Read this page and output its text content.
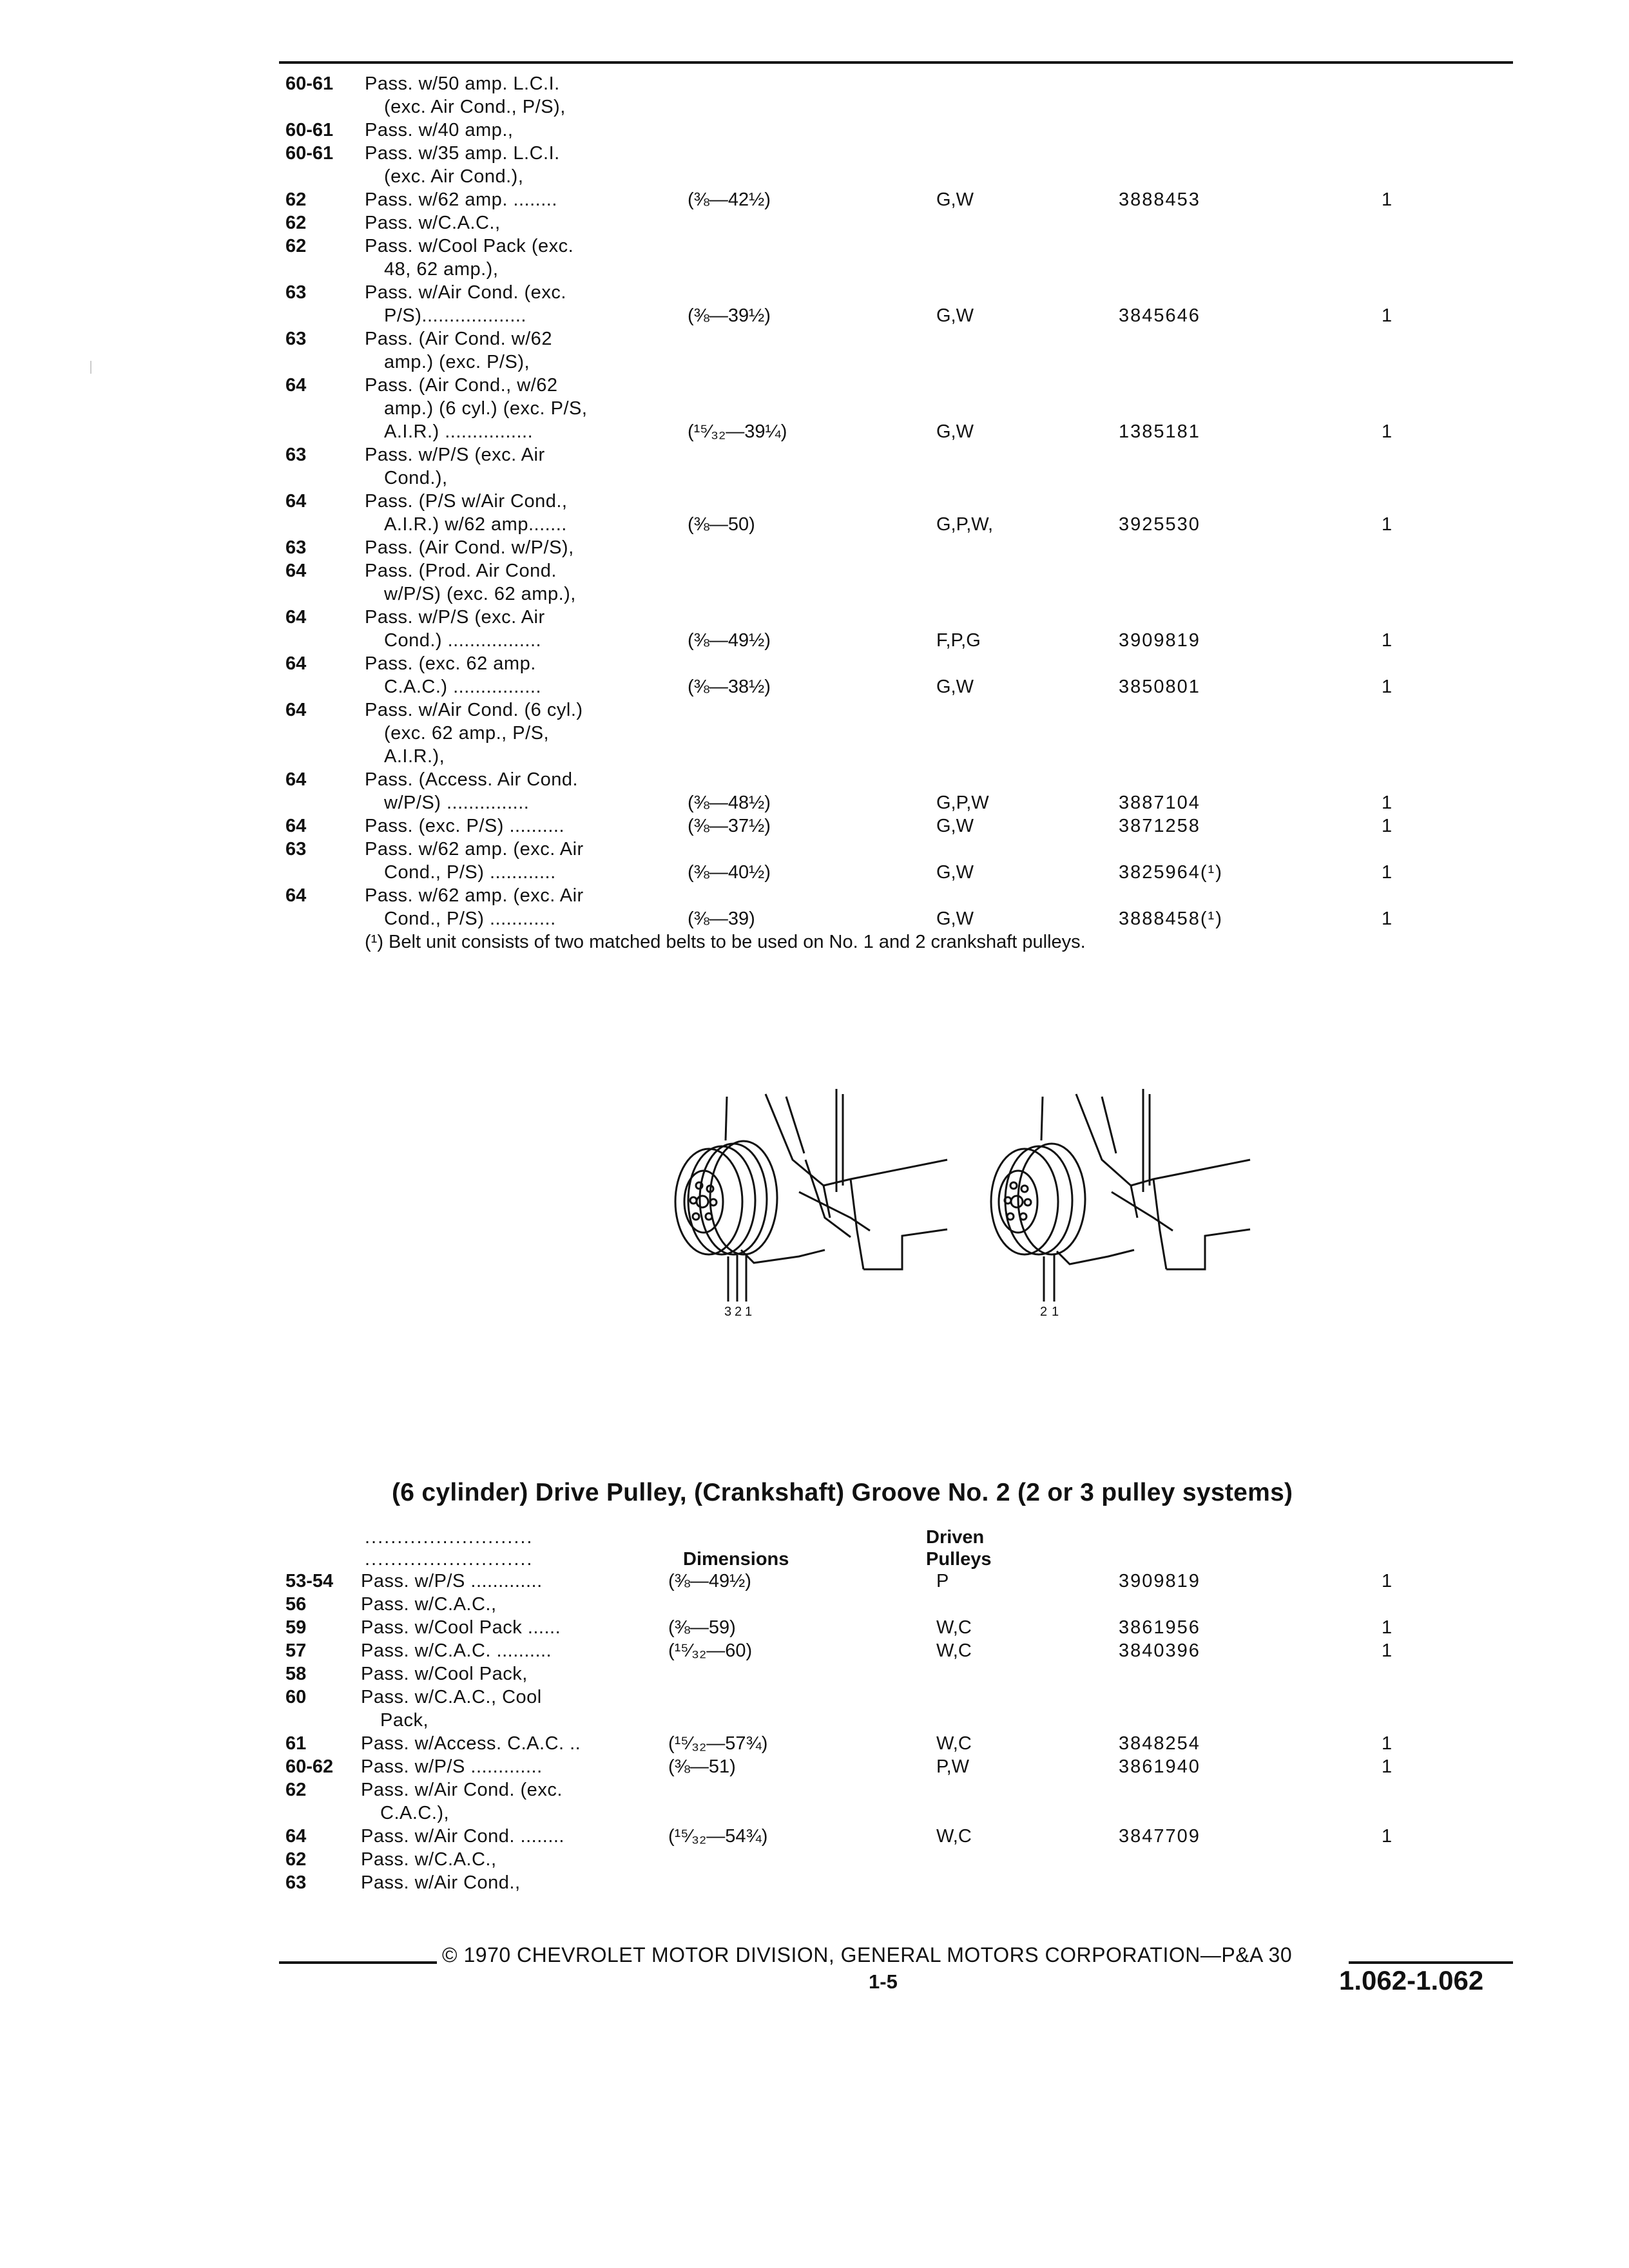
60-61 Pass. w/50 amp. L.C.I.
(exc. Air Cond., P/S),
60-61 Pass. w/40 amp.,
60-61 Pass. w/35 amp. L.C.I.
(exc. Air Cond.),
62	Pass. w/62 amp. ........	(⅜—42½)	G,W	3888453	1
62	Pass. w/C.A.C.,
62	Pass. w/Cool Pack (exc.
48, 62 amp.),
63	Pass. w/Air Cond. (exc.
P/S)...................	(⅜—39½)	G,W	3845646	1
63	Pass. (Air Cond. w/62
amp.) (exc. P/S),
64	Pass. (Air Cond., w/62
amp.) (6 cyl.) (exc. P/S,
A.I.R.) ................	(¹⁵⁄₃₂—39¼)	G,W	1385181	1
63	Pass. w/P/S (exc. Air
Cond.),
64	Pass. (P/S w/Air Cond.,
A.I.R.) w/62 amp.......	(⅜—50)	G,P,W,	3925530	1
63	Pass. (Air Cond. w/P/S),
64	Pass. (Prod. Air Cond.
w/P/S) (exc. 62 amp.),
64	Pass. w/P/S (exc. Air
Cond.) .................	(⅜—49½)	F,P,G	3909819	1
64	Pass. (exc. 62 amp.
C.A.C.) ................	(⅜—38½)	G,W	3850801	1
64	Pass. w/Air Cond. (6 cyl.)
(exc. 62 amp., P/S,
A.I.R.),
64	Pass. (Access. Air Cond.
w/P/S) ...............	(⅜—48½)	G,P,W	3887104	1
64	Pass. (exc. P/S) ..........	(⅜—37½)	G,W	3871258	1
63	Pass. w/62 amp. (exc. Air
Cond., P/S) ............	(⅜—40½)	G,W	3825964(¹)	1
64	Pass. w/62 amp. (exc. Air
Cond., P/S) ............	(⅜—39)	G,W	3888458(¹)	1
(¹) Belt unit consists of two matched belts to be used on No. 1 and 2 crankshaft pulleys.
3 2 1	2 1
(6 cylinder) Drive Pulley, (Crankshaft) Groove No. 2 (2 or 3 pulley systems)
..........................	Driven
..........................	Dimensions	Pulleys
53-54 Pass. w/P/S .............	(⅜—49½)	P	3909819	1
56	Pass. w/C.A.C.,
59	Pass. w/Cool Pack ......	(⅜—59)	W,C	3861956	1
57	Pass. w/C.A.C. ..........	(¹⁵⁄₃₂—60)	W,C	3840396	1
58	Pass. w/Cool Pack,
60	Pass. w/C.A.C., Cool
Pack,
61	Pass. w/Access. C.A.C. ..	(¹⁵⁄₃₂—57¾)	W,C	3848254	1
60-62 Pass. w/P/S .............	(⅜—51)	P,W	3861940	1
62	Pass. w/Air Cond. (exc.
C.A.C.),
64	Pass. w/Air Cond. ........	(¹⁵⁄₃₂—54¾)	W,C	3847709	1
62	Pass. w/C.A.C.,
63	Pass. w/Air Cond.,
© 1970 CHEVROLET MOTOR DIVISION, GENERAL MOTORS CORPORATION—P&A 30
1-5	1.062-1.062
